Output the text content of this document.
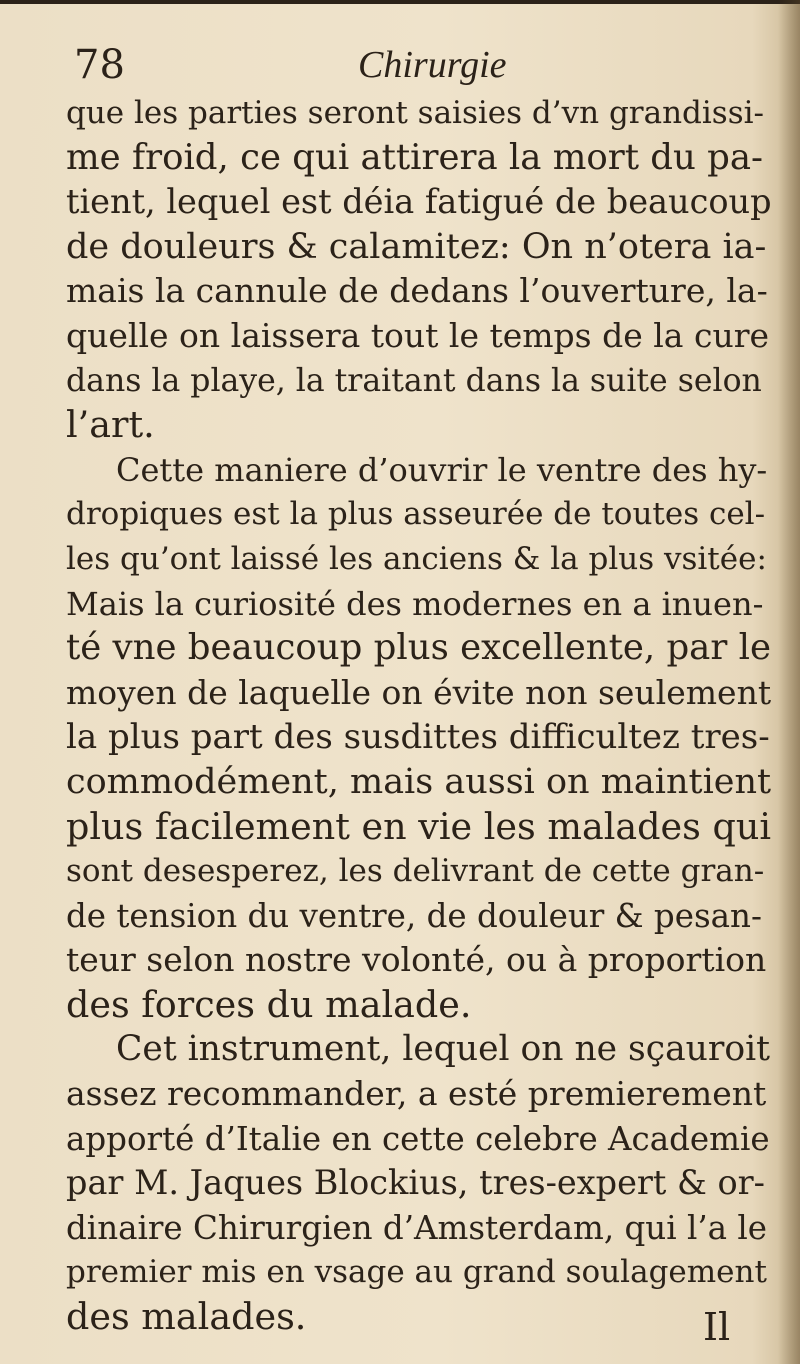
78	Chirurgie
que les parties seront saisies d’vn grandissi-
me froid, ce qui attirera la mort du pa-
tient, lequel est déia fatigué de beaucoup
de douleurs & calamitez: On n’otera ia-
mais la cannule de dedans l’ouverture, la-
quelle on laissera tout le temps de la cure
dans la playe, la traitant dans la suite selon
l’art.
Cette maniere d’ouvrir le ventre des hy-
dropiques est la plus asseurée de toutes cel-
les qu’ont laissé les anciens & la plus vsitée:
Mais la curiosité des modernes en a inuen-
té vne beaucoup plus excellente, par le
moyen de laquelle on évite non seulement
la plus part des susdittes difficultez tres-
commodément, mais aussi on maintient
plus facilement en vie les malades qui
sont desesperez, les delivrant de cette gran-
de tension du ventre, de douleur & pesan-
teur selon nostre volonté, ou à proportion
des forces du malade.
Cet instrument, lequel on ne sçauroit
assez recommander, a esté premierement
apporté d’Italie en cette celebre Academie
par M. Jaques Blockius, tres-expert & or-
dinaire Chirurgien d’Amsterdam, qui l’a le
premier mis en vsage au grand soulagement
des malades.	Il
